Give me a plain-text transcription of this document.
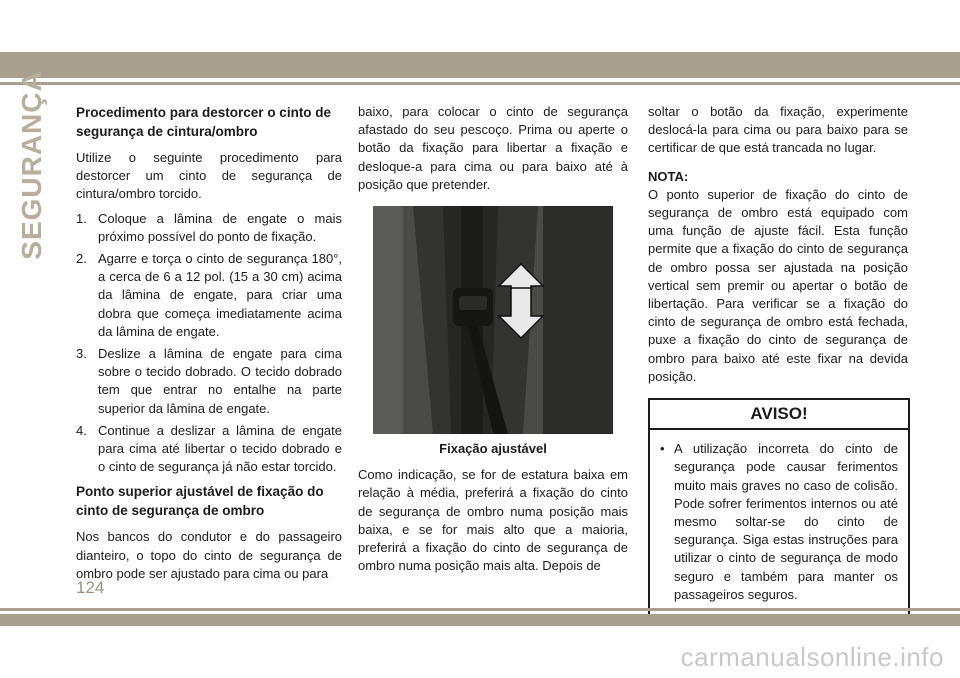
SEGURANÇA Procedimento para destorcer o cinto de segurança de cintura/ombro

Utilize o seguinte procedimento para destorcer um cinto de segurança de cintura/ombro torcido.

1. Coloque a lâmina de engate o mais próximo possível do ponto de fixação.
2. Agarre e torça o cinto de segurança 180°, a cerca de 6 a 12 pol. (15 a 30 cm) acima da lâmina de engate, para criar uma dobra que começa imediatamente acima da lâmina de engate.
3. Deslize a lâmina de engate para cima sobre o tecido dobrado. O tecido dobrado tem que entrar no entalhe na parte superior da lâmina de engate.
4. Continue a deslizar a lâmina de engate para cima até libertar o tecido dobrado e o cinto de segurança já não estar torcido.
Ponto superior ajustável de fixação do cinto de segurança de ombro

Nos bancos do condutor e do passageiro dianteiro, o topo do cinto de segurança de ombro pode ser ajustado para cima ou para

baixo, para colocar o cinto de segurança afastado do seu pescoço. Prima ou aperte o botão da fixação para libertar a fixação e desloque-a para cima ou para baixo até à posição que pretender.

Fixação ajustável

Como indicação, se for de estatura baixa em relação à média, preferirá a fixação do cinto de segurança de ombro numa posição mais baixa, e se for mais alto que a maioria, preferirá a fixação do cinto de segurança de ombro numa posição mais alta. Depois de

soltar o botão da fixação, experimente deslocá-la para cima ou para baixo para se certificar de que está trancada no lugar.

NOTA:

O ponto superior de fixação do cinto de segurança de ombro está equipado com uma função de ajuste fácil. Esta função permite que a fixação do cinto de segurança de ombro possa ser ajustada na posição vertical sem premir ou apertar o botão de libertação. Para verificar se a fixação do cinto de segurança de ombro está fechada, puxe a fixação do cinto de segurança de ombro para baixo até este fixar na devida posição.

AVISO!
• A utilização incorreta do cinto de segurança pode causar ferimentos muito mais graves no caso de colisão. Pode sofrer ferimentos internos ou até mesmo soltar-se do cinto de segurança. Siga estas instruções para utilizar o cinto de segurança de modo seguro e também para manter os passageiros seguros.
124
carmanualsonline.info
